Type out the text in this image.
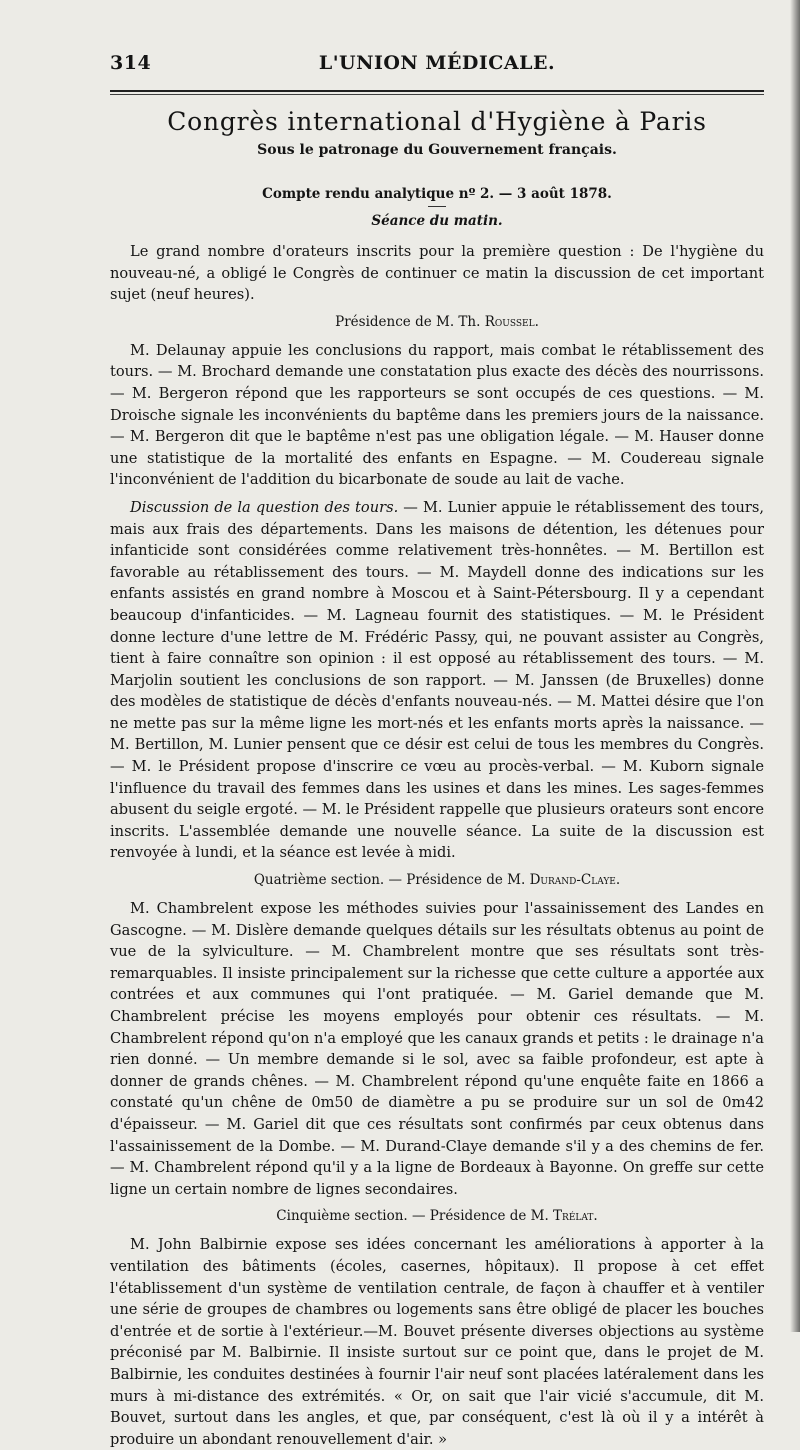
314	L'UNION MÉDICALE.
Congrès international d'Hygiène à Paris
Sous le patronage du Gouvernement français.
Compte rendu analytique nº 2. — 3 août 1878.
Séance du matin.

Le grand nombre d'orateurs inscrits pour la première question : De l'hygiène du nouveau-né, a obligé le Congrès de continuer ce matin la discussion de cet important sujet (neuf heures).

Présidence de M. Th. Roussel.

M. Delaunay appuie les conclusions du rapport, mais combat le rétablissement des tours. — M. Brochard demande une constatation plus exacte des décès des nourrissons. — M. Bergeron répond que les rapporteurs se sont occupés de ces questions. — M. Droische signale les inconvénients du baptême dans les premiers jours de la naissance. — M. Bergeron dit que le baptême n'est pas une obligation légale. — M. Hauser donne une statistique de la mortalité des enfants en Espagne. — M. Coudereau signale l'inconvénient de l'addition du bicarbonate de soude au lait de vache.

Discussion de la question des tours. — M. Lunier appuie le rétablissement des tours, mais aux frais des départements. Dans les maisons de détention, les détenues pour infanticide sont considérées comme relativement très-honnêtes. — M. Bertillon est favorable au rétablissement des tours. — M. Maydell donne des indications sur les enfants assistés en grand nombre à Moscou et à Saint-Pétersbourg. Il y a cependant beaucoup d'infanticides. — M. Lagneau fournit des statistiques. — M. le Président donne lecture d'une lettre de M. Frédéric Passy, qui, ne pouvant assister au Congrès, tient à faire connaître son opinion : il est opposé au rétablissement des tours. — M. Marjolin soutient les conclusions de son rapport. — M. Janssen (de Bruxelles) donne des modèles de statistique de décès d'enfants nouveau-nés. — M. Mattei désire que l'on ne mette pas sur la même ligne les mort-nés et les enfants morts après la naissance. — M. Bertillon, M. Lunier pensent que ce désir est celui de tous les membres du Congrès. — M. le Président propose d'inscrire ce vœu au procès-verbal. — M. Kuborn signale l'influence du travail des femmes dans les usines et dans les mines. Les sages-femmes abusent du seigle ergoté. — M. le Président rappelle que plusieurs orateurs sont encore inscrits. L'assemblée demande une nouvelle séance. La suite de la discussion est renvoyée à lundi, et la séance est levée à midi.

Quatrième section. — Présidence de M. Durand-Claye.

M. Chambrelent expose les méthodes suivies pour l'assainissement des Landes en Gascogne. — M. Dislère demande quelques détails sur les résultats obtenus au point de vue de la sylviculture. — M. Chambrelent montre que ses résultats sont très-remarquables. Il insiste principalement sur la richesse que cette culture a apportée aux contrées et aux communes qui l'ont pratiquée. — M. Gariel demande que M. Chambrelent précise les moyens employés pour obtenir ces résultats. — M. Chambrelent répond qu'on n'a employé que les canaux grands et petits : le drainage n'a rien donné. — Un membre demande si le sol, avec sa faible profondeur, est apte à donner de grands chênes. — M. Chambrelent répond qu'une enquête faite en 1866 a constaté qu'un chêne de 0m50 de diamètre a pu se produire sur un sol de 0m42 d'épaisseur. — M. Gariel dit que ces résultats sont confirmés par ceux obtenus dans l'assainissement de la Dombe. — M. Durand-Claye demande s'il y a des chemins de fer. — M. Chambrelent répond qu'il y a la ligne de Bordeaux à Bayonne. On greffe sur cette ligne un certain nombre de lignes secondaires.

Cinquième section. — Présidence de M. Trélat.

M. John Balbirnie expose ses idées concernant les améliorations à apporter à la ventilation des bâtiments (écoles, casernes, hôpitaux). Il propose à cet effet l'établissement d'un système de ventilation centrale, de façon à chauffer et à ventiler une série de groupes de chambres ou logements sans être obligé de placer les bouches d'entrée et de sortie à l'extérieur.—M. Bouvet présente diverses objections au système préconisé par M. Balbirnie. Il insiste surtout sur ce point que, dans le projet de M. Balbirnie, les conduites destinées à fournir l'air neuf sont placées latéralement dans les murs à mi-distance des extrémités. « Or, on sait que l'air vicié s'accumule, dit M. Bouvet, surtout dans les angles, et que, par conséquent, c'est là où il y a intérêt à produire un abondant renouvellement d'air. »
